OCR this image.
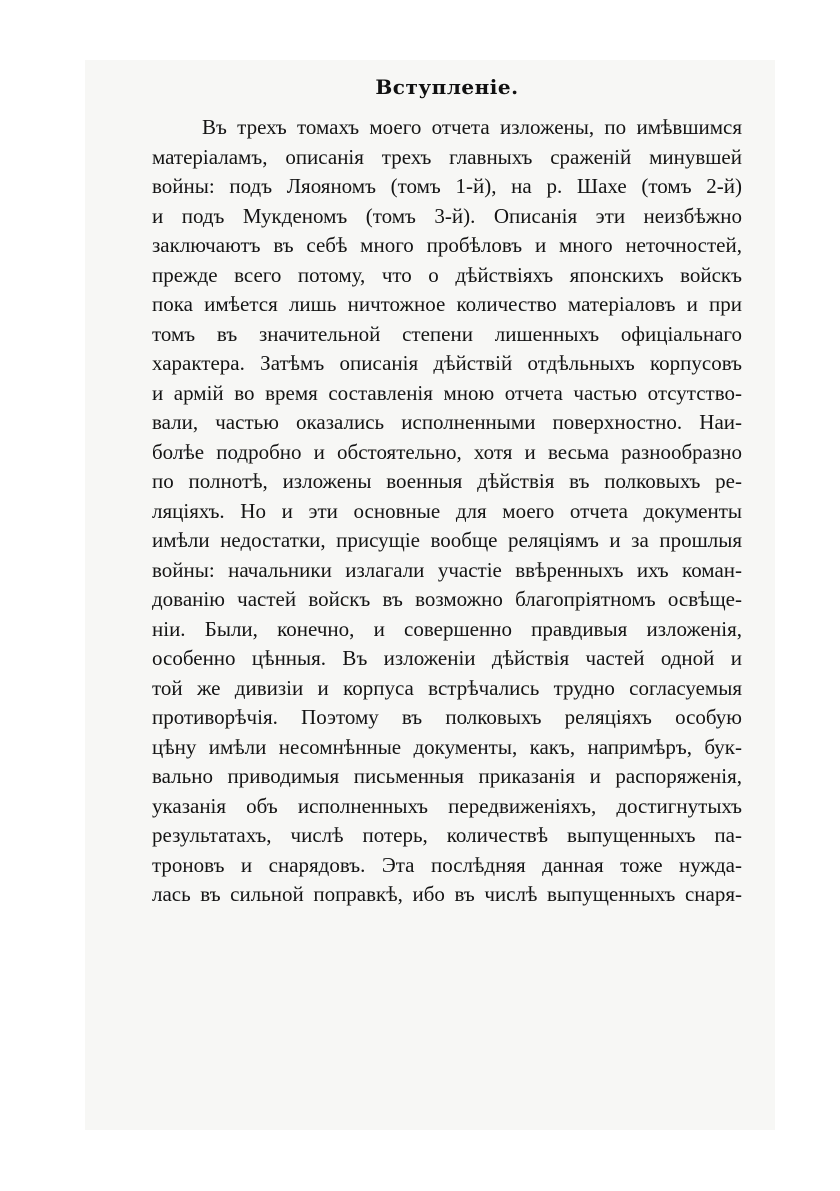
Вступленіе.
Въ трехъ томахъ моего отчета изложены, по имѣвшимся
матеріаламъ, описанія трехъ главныхъ сраженій минувшей
войны: подъ Ляояномъ (томъ 1-й), на р. Шахе (томъ 2-й)
и подъ Мукденомъ (томъ 3-й). Описанія эти неизбѣжно
заключаютъ въ себѣ много пробѣловъ и много неточностей,
прежде всего потому, что о дѣйствіяхъ японскихъ войскъ
пока имѣется лишь ничтожное количество матеріаловъ и при
томъ въ значительной степени лишенныхъ офиціальнаго
характера. Затѣмъ описанія дѣйствій отдѣльныхъ корпусовъ
и армій во время составленія мною отчета частью отсутство-
вали, частью оказались исполненными поверхностно. Наи-
болѣе подробно и обстоятельно, хотя и весьма разнообразно
по полнотѣ, изложены военныя дѣйствія въ полковыхъ ре-
ляціяхъ. Но и эти основные для моего отчета документы
имѣли недостатки, присущіе вообще реляціямъ и за прошлыя
войны: начальники излагали участіе ввѣренныхъ ихъ коман-
дованію частей войскъ въ возможно благопріятномъ освѣще-
ніи. Были, конечно, и совершенно правдивыя изложенія,
особенно цѣнныя. Въ изложеніи дѣйствія частей одной и
той же дивизіи и корпуса встрѣчались трудно согласуемыя
противорѣчія. Поэтому въ полковыхъ реляціяхъ особую
цѣну имѣли несомнѣнные документы, какъ, напримѣръ, бук-
вально приводимыя письменныя приказанія и распоряженія,
указанія объ исполненныхъ передвиженіяхъ, достигнутыхъ
результатахъ, числѣ потерь, количествѣ выпущенныхъ па-
троновъ и снарядовъ. Эта послѣдняя данная тоже нужда-
лась въ сильной поправкѣ, ибо въ числѣ выпущенныхъ снаря-
